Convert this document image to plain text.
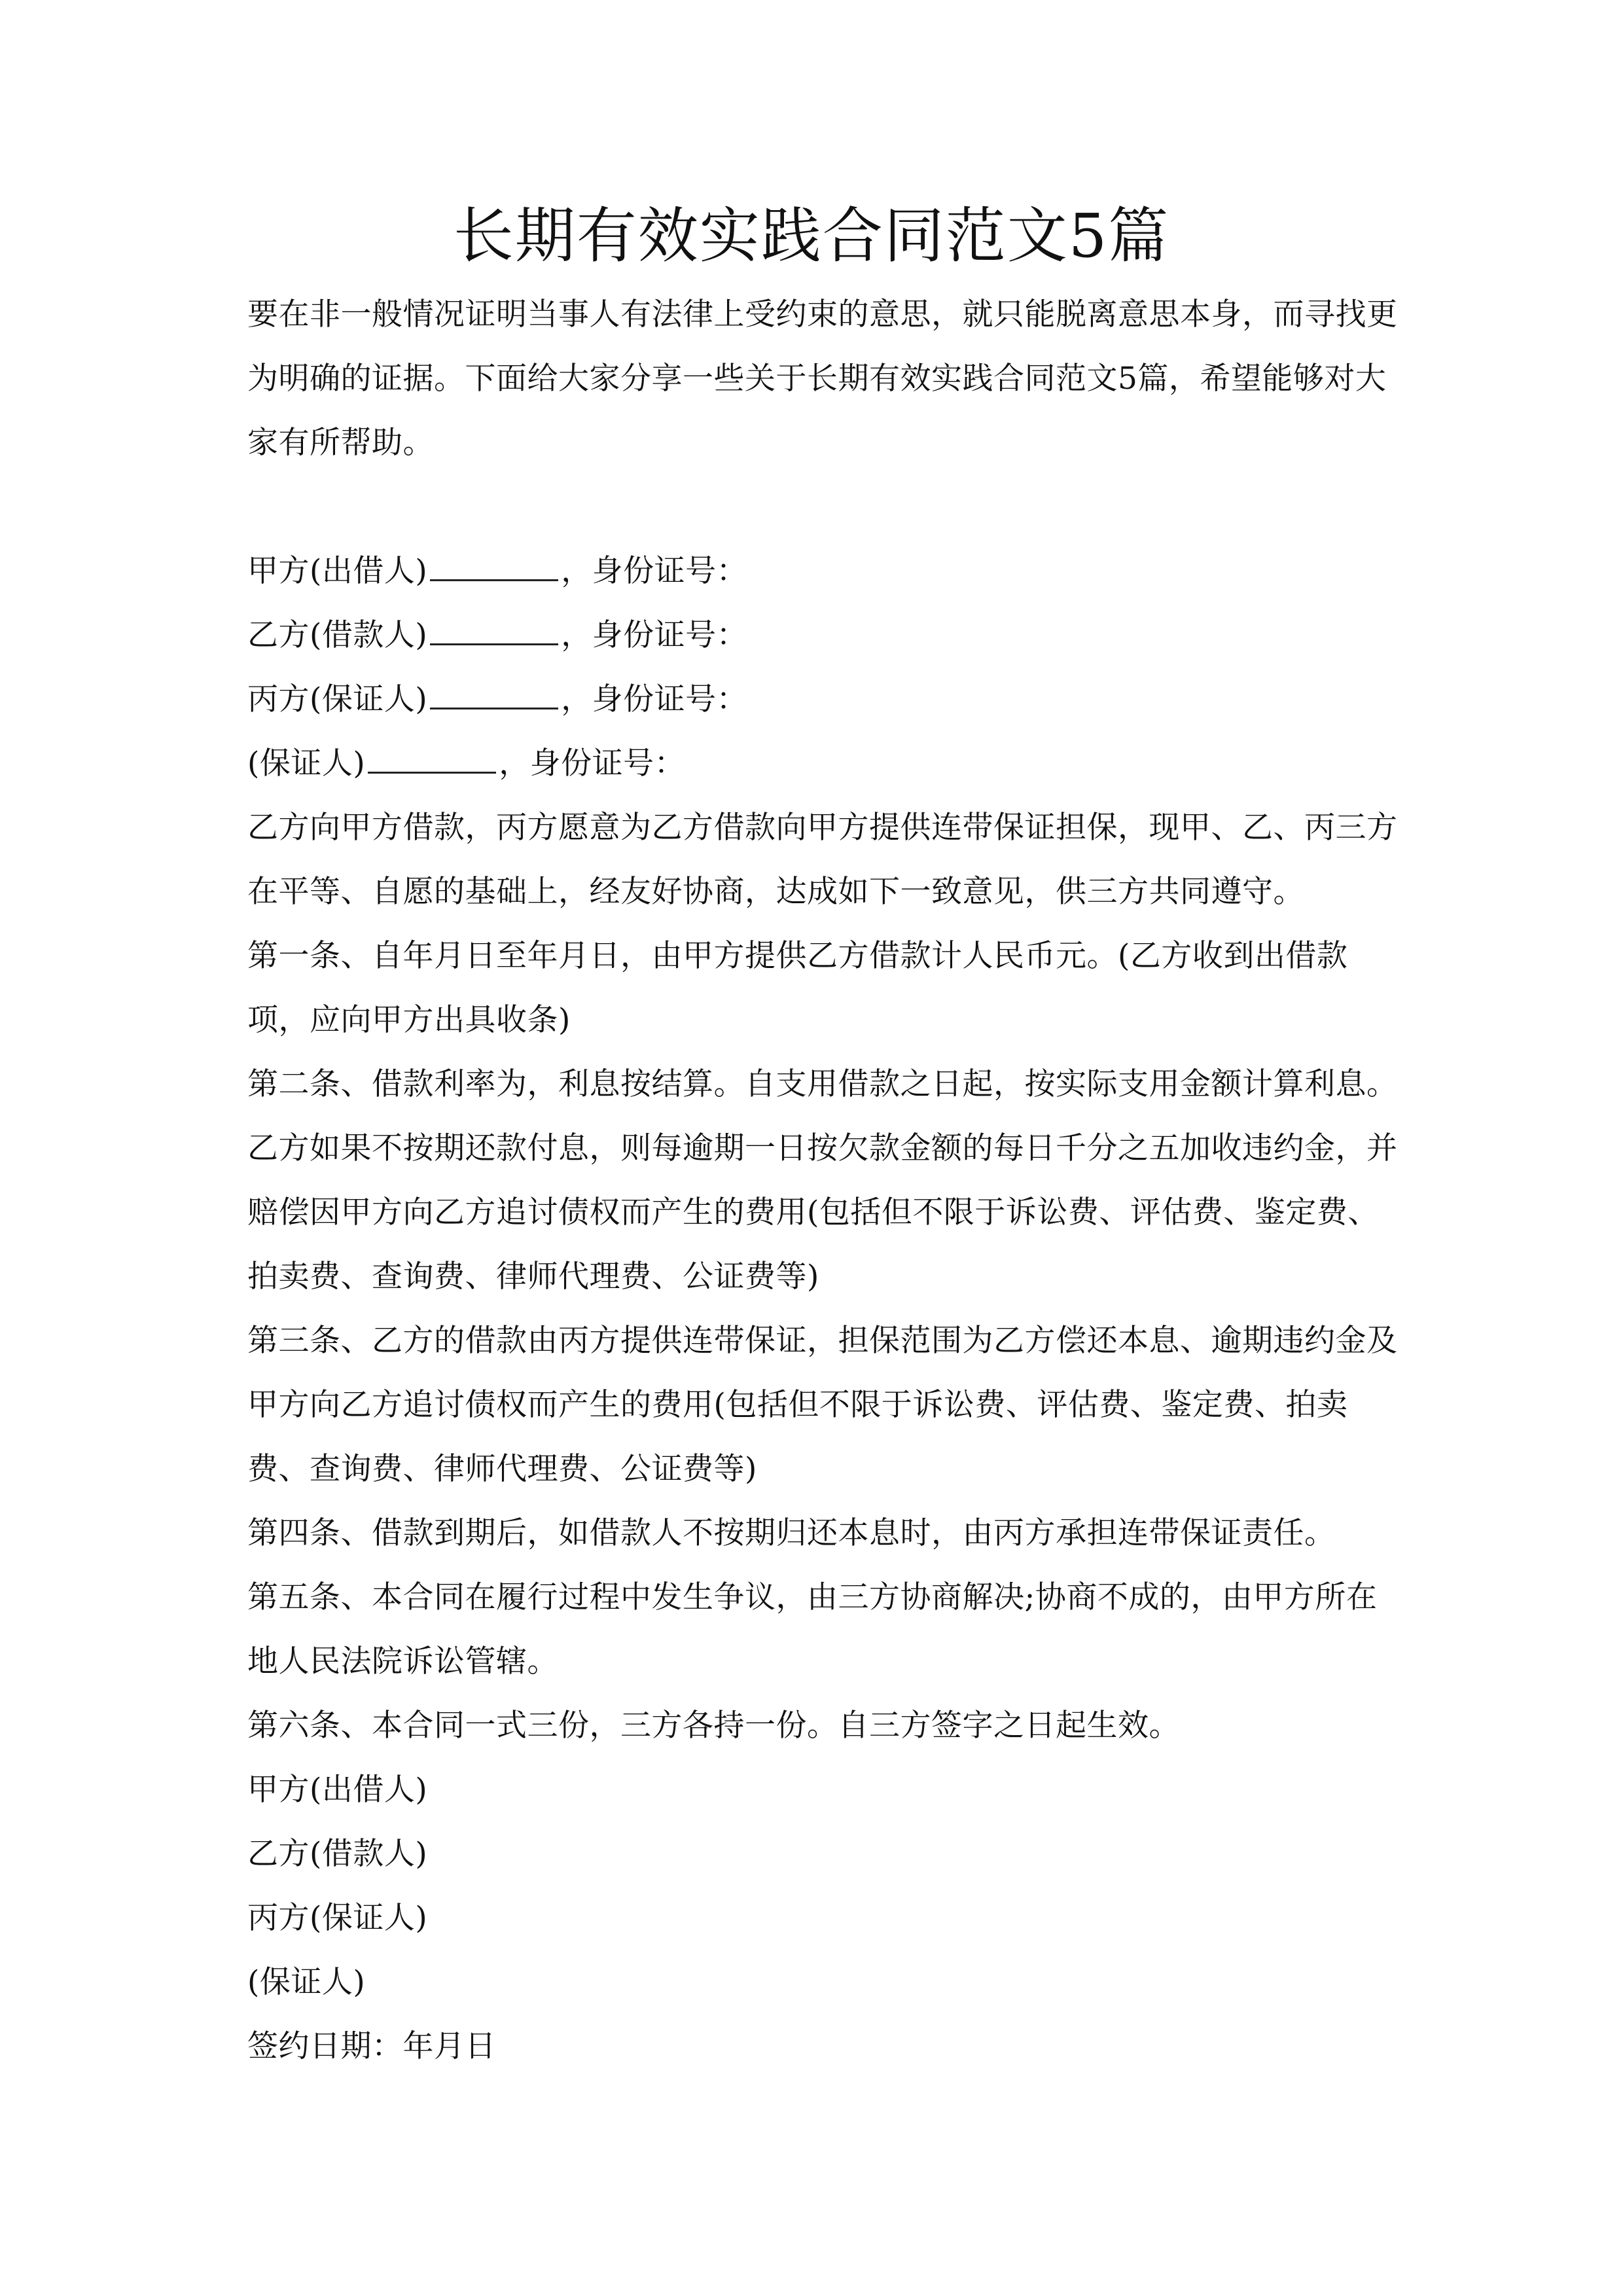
长期有效实践合同范文5篇

要在非一般情况证明当事人有法律上受约束的意思，就只能脱离意思本身，而寻找更为明确的证据。下面给大家分享一些关于长期有效实践合同范文5篇，希望能够对大家有所帮助。

甲方(出借人)	，身份证号：

乙方(借款人)	，身份证号：

丙方(保证人)	，身份证号：

(保证人)	，身份证号：

乙方向甲方借款，丙方愿意为乙方借款向甲方提供连带保证担保，现甲、乙、丙三方在平等、自愿的基础上，经友好协商，达成如下一致意见，供三方共同遵守。

第一条、自年月日至年月日，由甲方提供乙方借款计人民币元。(乙方收到出借款项，应向甲方出具收条)

第二条、借款利率为，利息按结算。自支用借款之日起，按实际支用金额计算利息。乙方如果不按期还款付息，则每逾期一日按欠款金额的每日千分之五加收违约金，并赔偿因甲方向乙方追讨债权而产生的费用(包括但不限于诉讼费、评估费、鉴定费、拍卖费、查询费、律师代理费、公证费等)

第三条、乙方的借款由丙方提供连带保证，担保范围为乙方偿还本息、逾期违约金及甲方向乙方追讨债权而产生的费用(包括但不限于诉讼费、评估费、鉴定费、拍卖费、查询费、律师代理费、公证费等)

第四条、借款到期后，如借款人不按期归还本息时，由丙方承担连带保证责任。

第五条、本合同在履行过程中发生争议，由三方协商解决;协商不成的，由甲方所在地人民法院诉讼管辖。

第六条、本合同一式三份，三方各持一份。自三方签字之日起生效。

甲方(出借人)

乙方(借款人)

丙方(保证人)

(保证人)

签约日期：年月日
